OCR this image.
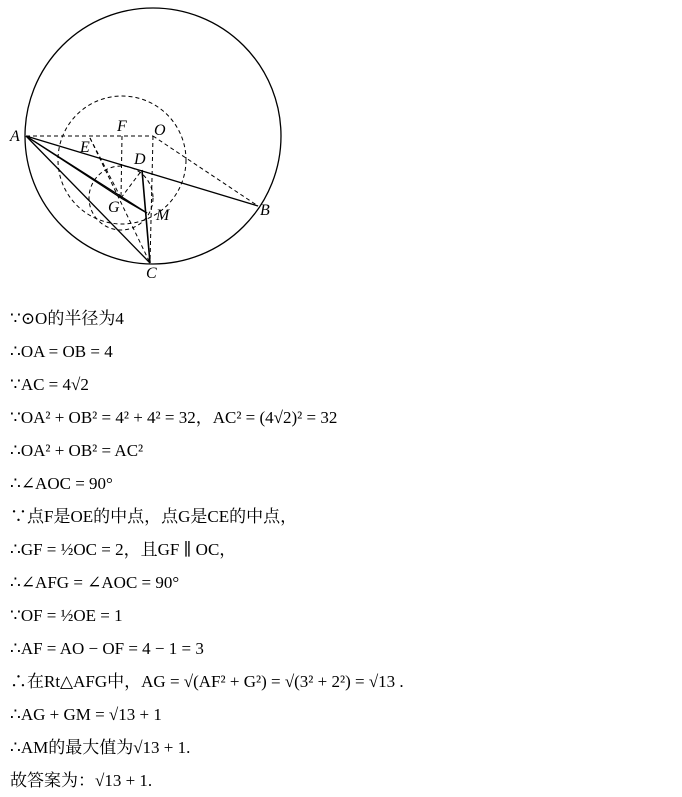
A
F O
E
D
G M	B
C
∵⊙O的半径为4
∴OA = OB = 4
∵AC = 4√2
∵OA² + OB² = 4² + 4² = 32，AC² = (4√2)² = 32
∴OA² + OB² = AC²
∴∠AOC = 90°
∵点F是OE的中点，点G是CE的中点，
∴GF = ½OC = 2，且GF ∥ OC，
∴∠AFG = ∠AOC = 90°
∵OF = ½OE = 1
∴AF = AO − OF = 4 − 1 = 3
∴在Rt△AFG中，AG = √(AF² + G²) = √(3² + 2²) = √13 .
∴AG + GM = √13 + 1
∴AM的最大值为√13 + 1.
故答案为：√13 + 1.
